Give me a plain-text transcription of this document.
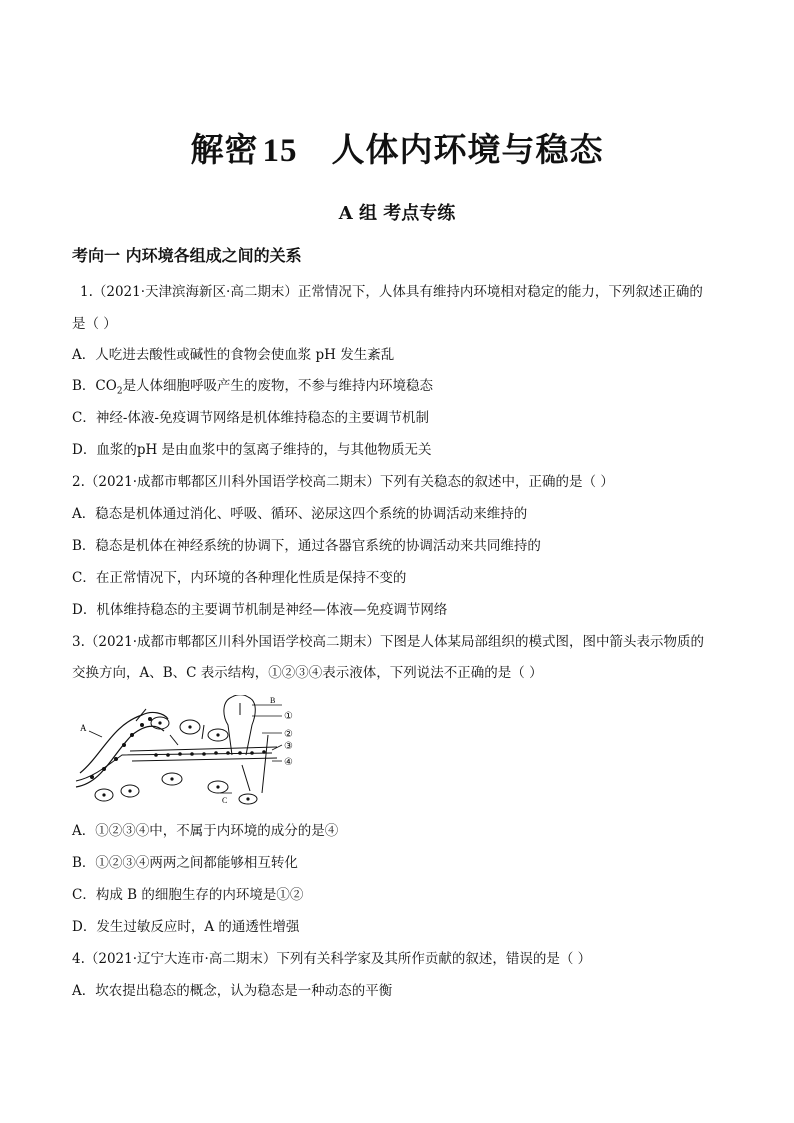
解密 15 人体内环境与稳态
A 组 考点专练
考向一 内环境各组成之间的关系
1.（2021·天津滨海新区·高二期末）正常情况下，人体具有维持内环境相对稳定的能力，下列叙述正确的
是（ ）
A．人吃进去酸性或碱性的食物会使血浆 pH 发生紊乱
B．$CO_2$是人体细胞呼吸产生的废物，不参与维持内环境稳态
C．神经-体液-免疫调节网络是机体维持稳态的主要调节机制
D．血浆的pH 是由血浆中的氢离子维持的，与其他物质无关
2.（2021·成都市郫都区川科外国语学校高二期末）下列有关稳态的叙述中，正确的是（ ）
A．稳态是机体通过消化、呼吸、循环、泌尿这四个系统的协调活动来维持的
B．稳态是机体在神经系统的协调下，通过各器官系统的协调活动来共同维持的
C．在正常情况下，内环境的各种理化性质是保持不变的
D．机体维持稳态的主要调节机制是神经—体液—免疫调节网络
3.（2021·成都市郫都区川科外国语学校高二期末）下图是人体某局部组织的模式图，图中箭头表示物质的
交换方向，A、B、C 表示结构，①②③④表示液体，下列说法不正确的是（ ）
A
B
①
②
③
④
C
A．①②③④中，不属于内环境的成分的是④
B．①②③④两两之间都能够相互转化
C．构成 B 的细胞生存的内环境是①②
D．发生过敏反应时，A 的通透性增强
4.（2021·辽宁大连市·高二期末）下列有关科学家及其所作贡献的叙述，错误的是（ ）
A．坎农提出稳态的概念，认为稳态是一种动态的平衡
